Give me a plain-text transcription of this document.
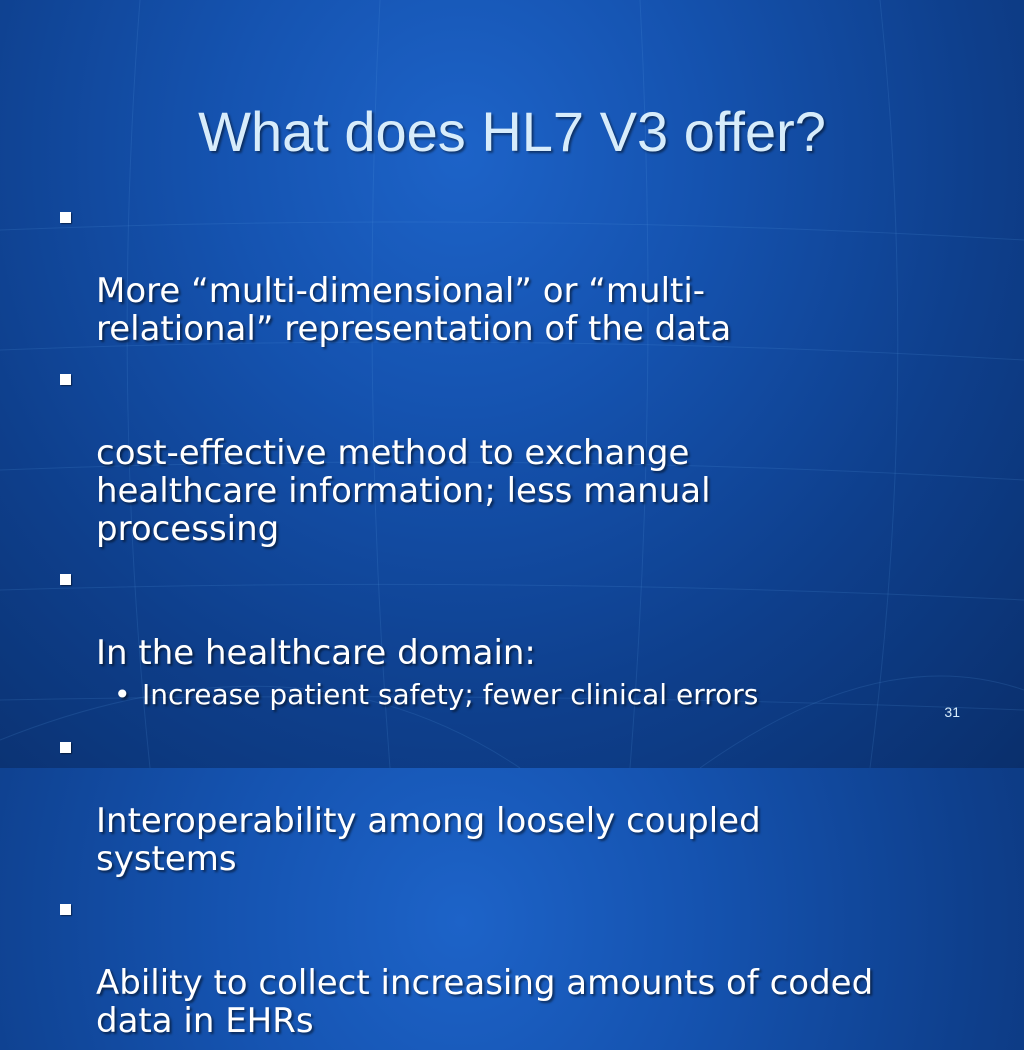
What does HL7 V3 offer?

More “multi-dimensional” or “multi-
relational” representation of the data

cost-effective method to exchange
healthcare information; less manual
processing

In the healthcare domain:

• Increase patient safety; fewer clinical errors

Interoperability among loosely coupled
systems

Ability to collect increasing amounts of coded
data in EHRs

31
